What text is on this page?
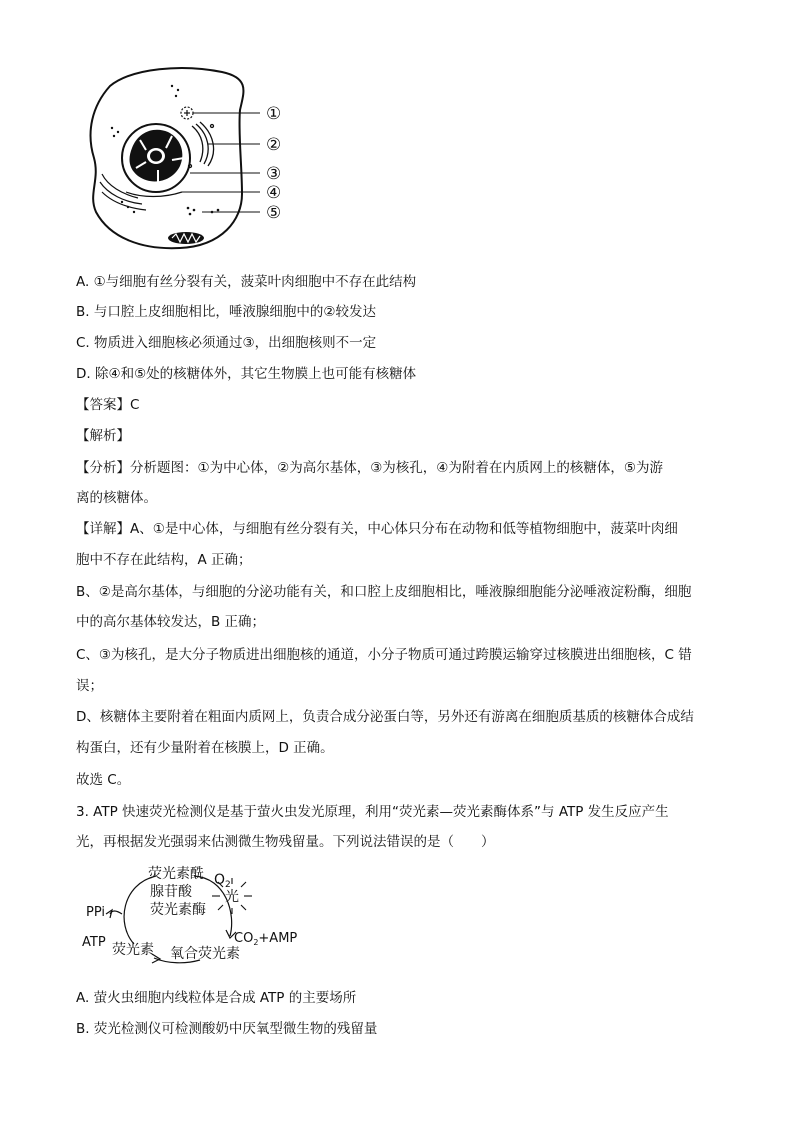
①
②
③
④
⑤
A. ①与细胞有丝分裂有关，菠菜叶肉细胞中不存在此结构
B. 与口腔上皮细胞相比，唾液腺细胞中的②较发达
C. 物质进入细胞核必须通过③，出细胞核则不一定
D. 除④和⑤处的核糖体外，其它生物膜上也可能有核糖体
【答案】C
【解析】
【分析】分析题图：①为中心体，②为高尔基体，③为核孔，④为附着在内质网上的核糖体，⑤为游
离的核糖体。
【详解】A、①是中心体，与细胞有丝分裂有关，中心体只分布在动物和低等植物细胞中，菠菜叶肉细
胞中不存在此结构，A 正确；
B、②是高尔基体，与细胞的分泌功能有关，和口腔上皮细胞相比，唾液腺细胞能分泌唾液淀粉酶，细胞
中的高尔基体较发达，B 正确；
C、③为核孔，是大分子物质进出细胞核的通道，小分子物质可通过跨膜运输穿过核膜进出细胞核，C 错
误；
D、核糖体主要附着在粗面内质网上，负责合成分泌蛋白等，另外还有游离在细胞质基质的核糖体合成结
构蛋白，还有少量附着在核膜上，D 正确。
故选 C。
3. ATP 快速荧光检测仪是基于萤火虫发光原理，利用“荧光素—荧光素酶体系”与 ATP 发生反应产生
光，再根据发光强弱来估测微生物残留量。下列说法错误的是（　　）
荧光素酰 $O_2$
腺苷酸
荧光素酶
光
PPi
ATP 荧光素
$CO_2+AMP$
氧合荧光素
A. 萤火虫细胞内线粒体是合成 ATP 的主要场所
B. 荧光检测仪可检测酸奶中厌氧型微生物的残留量
